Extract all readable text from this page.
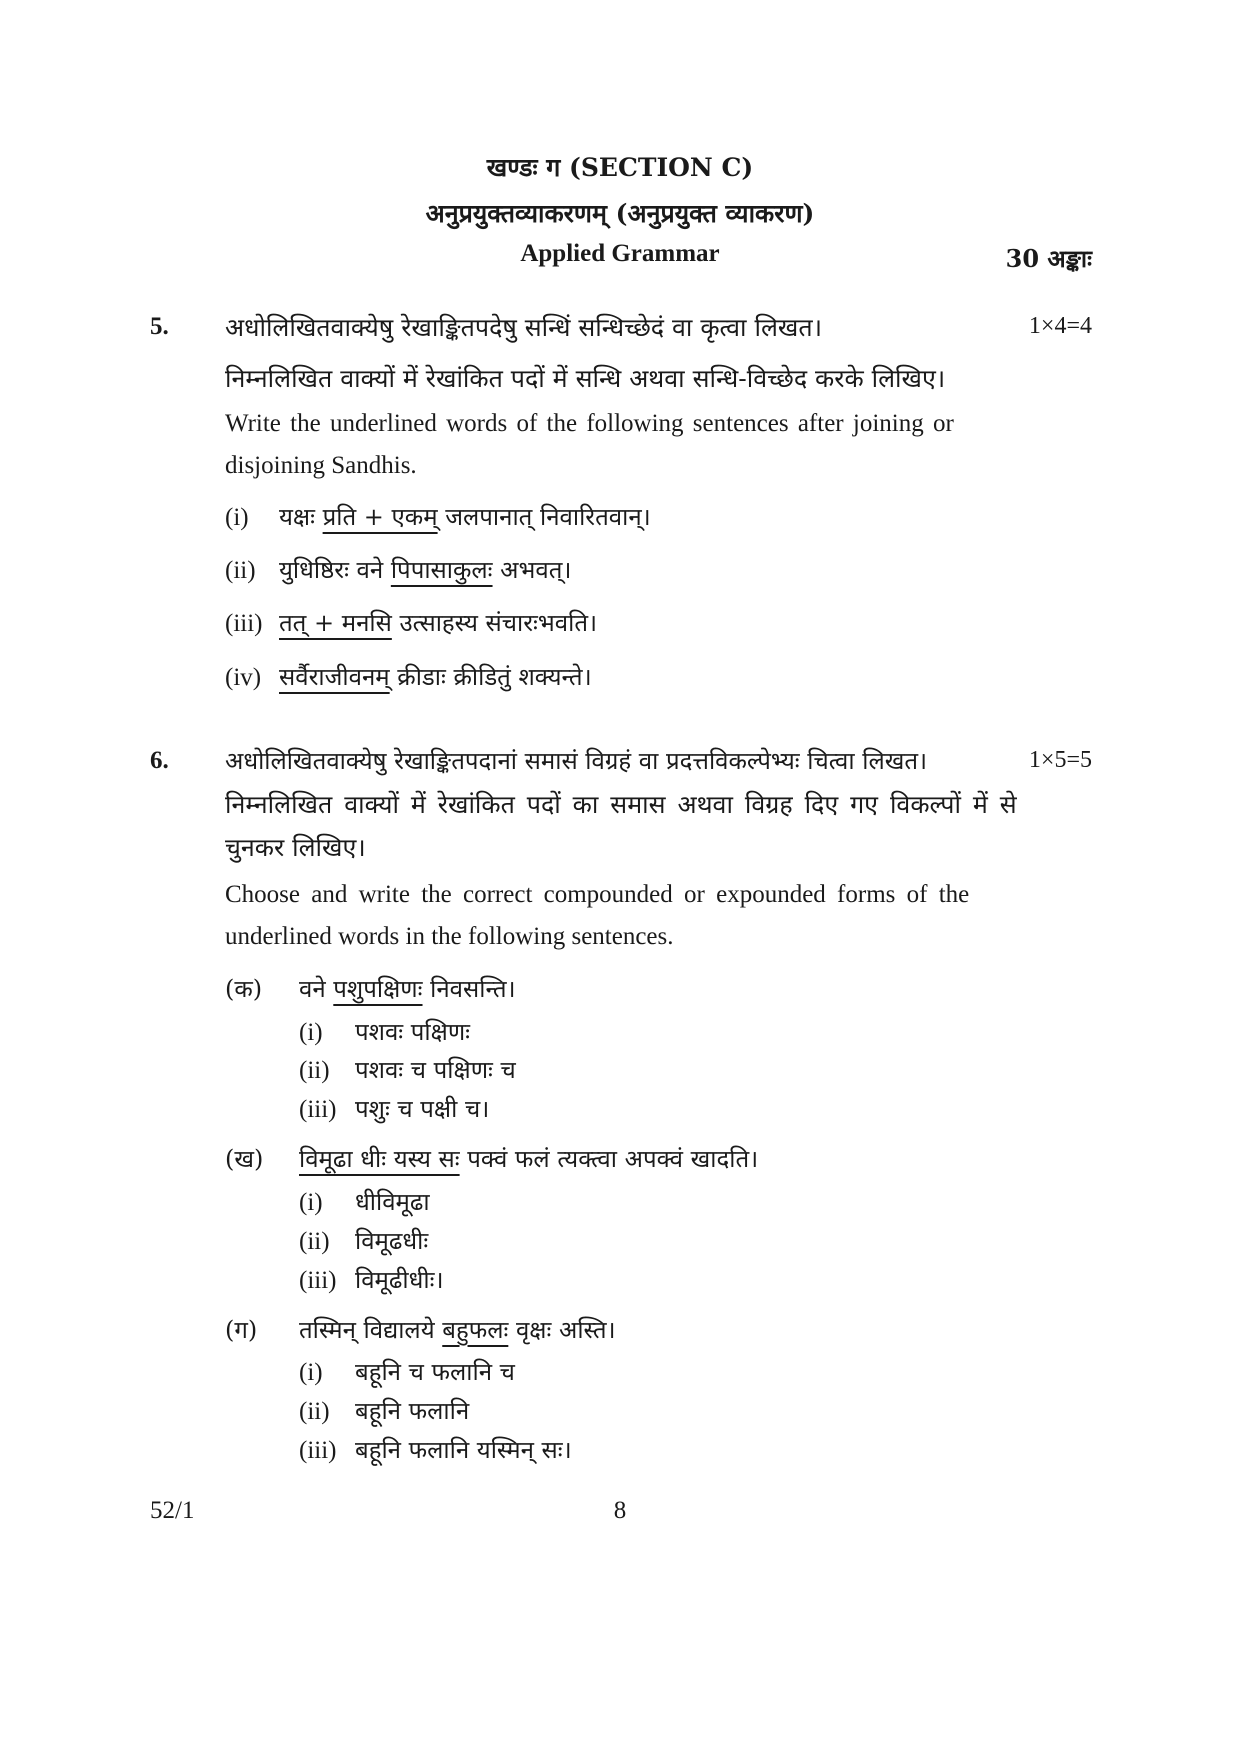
खण्डः ग (SECTION C)
अनुप्रयुक्तव्याकरणम् (अनुप्रयुक्त व्याकरण)
Applied Grammar	30 अङ्काः
5. अधोलिखितवाक्येषु रेखाङ्कितपदेषु सन्धिं सन्धिच्छेदं वा कृत्वा लिखत।	1×4=4
निम्नलिखित वाक्यों में रेखांकित पदों में सन्धि अथवा सन्धि-विच्छेद करके लिखिए।
Write the underlined words of the following sentences after joining or
disjoining Sandhis.
(i) यक्षः प्रति + एकम् जलपानात् निवारितवान्।
(ii) युधिष्ठिरः वने पिपासाकुलः अभवत्।
(iii) तत् + मनसि उत्साहस्य संचारःभवति।
(iv) सर्वैराजीवनम् क्रीडाः क्रीडितुं शक्यन्ते।
6. अधोलिखितवाक्येषु रेखाङ्कितपदानां समासं विग्रहं वा प्रदत्तविकल्पेभ्यः चित्वा लिखत।	1×5=5
निम्नलिखित वाक्यों में रेखांकित पदों का समास अथवा विग्रह दिए गए विकल्पों में से
चुनकर लिखिए।
Choose and write the correct compounded or expounded forms of the
underlined words in the following sentences.
(क) वने पशुपक्षिणः निवसन्ति।
(i) पशवः पक्षिणः
(ii) पशवः च पक्षिणः च
(iii) पशुः च पक्षी च।
(ख) विमूढा धीः यस्य सः पक्वं फलं त्यक्त्वा अपक्वं खादति।
(i) धीविमूढा
(ii) विमूढधीः
(iii) विमूढीधीः।
(ग) तस्मिन् विद्यालये बहुफलः वृक्षः अस्ति।
(i) बहूनि च फलानि च
(ii) बहूनि फलानि
(iii) बहूनि फलानि यस्मिन् सः।
52/1	8
